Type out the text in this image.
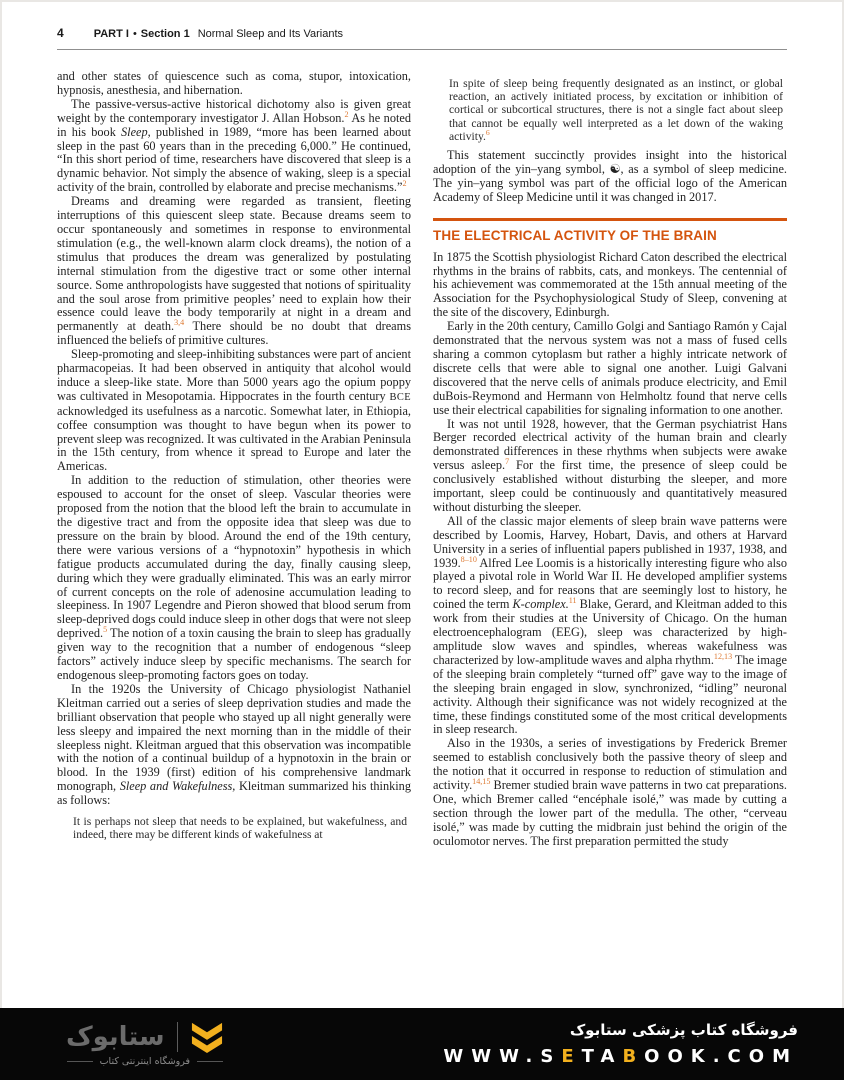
4	PART I • Section 1 Normal Sleep and Its Variants

and other states of quiescence such as coma, stupor, intoxication, hypnosis, anesthesia, and hibernation.

The passive-versus-active historical dichotomy also is given great weight by the contemporary investigator J. Allan Hobson.$^2$ As he noted in his book Sleep, published in 1989, “more has been learned about sleep in the past 60 years than in the preceding 6,000.” He continued, “In this short period of time, researchers have discovered that sleep is a dynamic behavior. Not simply the absence of waking, sleep is a special activity of the brain, controlled by elaborate and precise mechanisms.”$^2$

Dreams and dreaming were regarded as transient, fleeting interruptions of this quiescent sleep state. Because dreams seem to occur spontaneously and sometimes in response to environmental stimulation (e.g., the well-known alarm clock dreams), the notion of a stimulus that produces the dream was generalized by postulating internal stimulation from the digestive tract or some other internal source. Some anthropologists have suggested that notions of spirituality and the soul arose from primitive peoples’ need to explain how their essence could leave the body temporarily at night in a dream and permanently at death.$^{3,4}$ There should be no doubt that dreams influenced the beliefs of primitive cultures.

Sleep-promoting and sleep-inhibiting substances were part of ancient pharmacopeias. It had been observed in antiquity that alcohol would induce a sleep-like state. More than 5000 years ago the opium poppy was cultivated in Mesopotamia. Hippocrates in the fourth century BCE acknowledged its usefulness as a narcotic. Somewhat later, in Ethiopia, coffee consumption was thought to have begun when its power to prevent sleep was recognized. It was cultivated in the Arabian Peninsula in the 15th century, from whence it spread to Europe and later the Americas.

In addition to the reduction of stimulation, other theories were espoused to account for the onset of sleep. Vascular theories were proposed from the notion that the blood left the brain to accumulate in the digestive tract and from the opposite idea that sleep was due to pressure on the brain by blood. Around the end of the 19th century, there were various versions of a “hypnotoxin” hypothesis in which fatigue products accumulated during the day, finally causing sleep, during which they were gradually eliminated. This was an early mirror of current concepts on the role of adenosine accumulation leading to sleepiness. In 1907 Legendre and Pieron showed that blood serum from sleep-deprived dogs could induce sleep in other dogs that were not sleep deprived.$^5$ The notion of a toxin causing the brain to sleep has gradually given way to the recognition that a number of endogenous “sleep factors” actively induce sleep by specific mechanisms. The search for endogenous sleep-promoting factors goes on today.

In the 1920s the University of Chicago physiologist Nathaniel Kleitman carried out a series of sleep deprivation studies and made the brilliant observation that people who stayed up all night generally were less sleepy and impaired the next morning than in the middle of their sleepless night. Kleitman argued that this observation was incompatible with the notion of a continual buildup of a hypnotoxin in the brain or blood. In the 1939 (first) edition of his comprehensive landmark monograph, Sleep and Wakefulness, Kleitman summarized his thinking as follows:

It is perhaps not sleep that needs to be explained, but wakefulness, and indeed, there may be different kinds of wakefulness at

In spite of sleep being frequently designated as an instinct, or global reaction, an actively initiated process, by excitation or inhibition of cortical or subcortical structures, there is not a single fact about sleep that cannot be equally well interpreted as a let down of the waking activity.$^6$

This statement succinctly provides insight into the historical adoption of the yin–yang symbol, ☯, as a symbol of sleep medicine. The yin–yang symbol was part of the official logo of the American Academy of Sleep Medicine until it was changed in 2017.

THE ELECTRICAL ACTIVITY OF THE BRAIN

In 1875 the Scottish physiologist Richard Caton described the electrical rhythms in the brains of rabbits, cats, and monkeys. The centennial of his achievement was commemorated at the 15th annual meeting of the Association for the Psychophysiological Study of Sleep, convening at the site of the discovery, Edinburgh.

Early in the 20th century, Camillo Golgi and Santiago Ramón y Cajal demonstrated that the nervous system was not a mass of fused cells sharing a common cytoplasm but rather a highly intricate network of discrete cells that were able to signal one another. Luigi Galvani discovered that the nerve cells of animals produce electricity, and Emil duBois-Reymond and Hermann von Helmholtz found that nerve cells use their electrical capabilities for signaling information to one another.

It was not until 1928, however, that the German psychiatrist Hans Berger recorded electrical activity of the human brain and clearly demonstrated differences in these rhythms when subjects were awake versus asleep.$^7$ For the first time, the presence of sleep could be conclusively established without disturbing the sleeper, and more important, sleep could be continuously and quantitatively measured without disturbing the sleeper.

All of the classic major elements of sleep brain wave patterns were described by Loomis, Harvey, Hobart, Davis, and others at Harvard University in a series of influential papers published in 1937, 1938, and 1939.$^{8-10}$ Alfred Lee Loomis is a historically interesting figure who also played a pivotal role in World War II. He developed amplifier systems to record sleep, and for reasons that are seemingly lost to history, he coined the term K-complex.$^{11}$ Blake, Gerard, and Kleitman added to this work from their studies at the University of Chicago. On the human electroencephalogram (EEG), sleep was characterized by high-amplitude slow waves and spindles, whereas wakefulness was characterized by low-amplitude waves and alpha rhythm.$^{12,13}$ The image of the sleeping brain completely “turned off” gave way to the image of the sleeping brain engaged in slow, synchronized, “idling” neuronal activity. Although their significance was not widely recognized at the time, these findings constituted some of the most critical developments in sleep research.

Also in the 1930s, a series of investigations by Frederick Bremer seemed to establish conclusively both the passive theory of sleep and the notion that it occurred in response to reduction of stimulation and activity.$^{14,15}$ Bremer studied brain wave patterns in two cat preparations. One, which Bremer called “encéphale isolé,” was made by cutting a section through the lower part of the medulla. The other, “cerveau isolé,” was made by cutting the midbrain just behind the origin of the oculomotor nerves. The first preparation permitted the study

ستابوک
فروشگاه اینترنتی کتاب
فروشگاه کتاب پزشکی ستابوک
WWW.SETABOOK.COM
